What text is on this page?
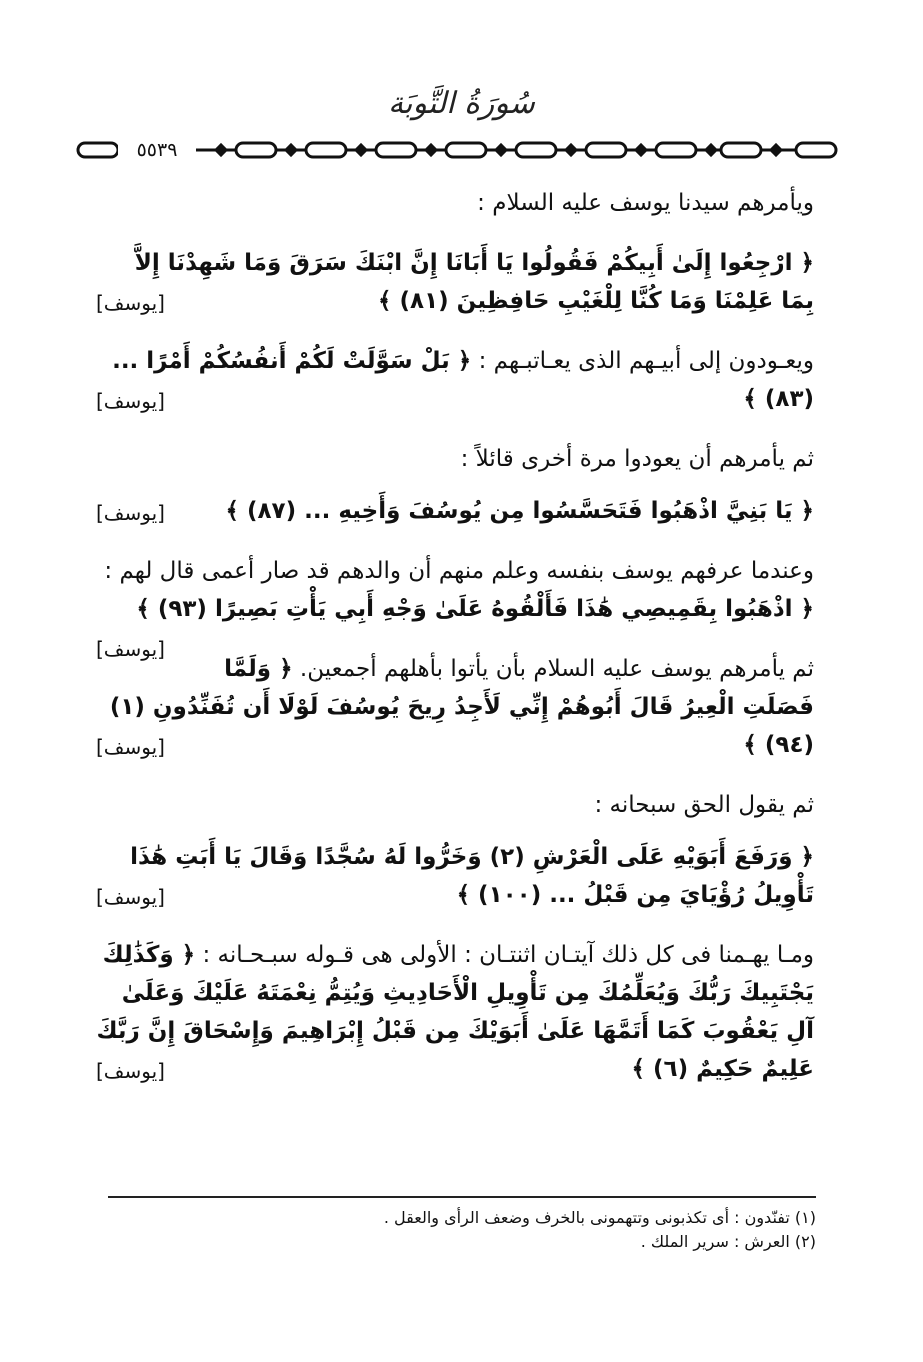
سُورَةُ التَّوبَة
٥٥٣٩

ويأمرهم سيدنا يوسف عليه السلام :

﴿ ارْجِعُوا إِلَىٰ أَبِيكُمْ فَقُولُوا يَا أَبَانَا إِنَّ ابْنَكَ سَرَقَ وَمَا شَهِدْنَا إِلاَّ بِمَا عَلِمْنَا وَمَا كُنَّا لِلْغَيْبِ حَافِظِينَ (٨١) ﴾
[يوسف]

ويعـودون إلى أبيـهم الذى يعـاتبـهم : ﴿ بَلْ سَوَّلَتْ لَكُمْ أَنفُسُكُمْ أَمْرًا ... (٨٣) ﴾
[يوسف]

ثم يأمرهم أن يعودوا مرة أخرى قائلاً :

﴿ يَا بَنِيَّ اذْهَبُوا فَتَحَسَّسُوا مِن يُوسُفَ وَأَخِيهِ ... (٨٧) ﴾
[يوسف]

وعندما عرفهم يوسف بنفسه وعلم منهم أن والدهم قد صار أعمى قال لهم : ﴿ اذْهَبُوا بِقَمِيصِي هَٰذَا فَأَلْقُوهُ عَلَىٰ وَجْهِ أَبِي يَأْتِ بَصِيرًا (٩٣) ﴾
[يوسف]

ثم يأمرهم يوسف عليه السلام بأن يأتوا بأهلهم أجمعين. ﴿ وَلَمَّا فَصَلَتِ الْعِيرُ قَالَ أَبُوهُمْ إِنِّي لَأَجِدُ رِيحَ يُوسُفَ لَوْلَا أَن تُفَنِّدُونِ (١) (٩٤) ﴾
[يوسف]

ثم يقول الحق سبحانه :

﴿ وَرَفَعَ أَبَوَيْهِ عَلَى الْعَرْشِ (٢) وَخَرُّوا لَهُ سُجَّدًا وَقَالَ يَا أَبَتِ هَٰذَا تَأْوِيلُ رُؤْيَايَ مِن قَبْلُ ... (١٠٠) ﴾
[يوسف]

ومـا يهـمنا فى كل ذلك آيتـان اثنتـان : الأولى هى قـوله سبـحـانه : ﴿ وَكَذَٰلِكَ يَجْتَبِيكَ رَبُّكَ وَيُعَلِّمُكَ مِن تَأْوِيلِ الْأَحَادِيثِ وَيُتِمُّ نِعْمَتَهُ عَلَيْكَ وَعَلَىٰ آلِ يَعْقُوبَ كَمَا أَتَمَّهَا عَلَىٰ أَبَوَيْكَ مِن قَبْلُ إِبْرَاهِيمَ وَإِسْحَاقَ إِنَّ رَبَّكَ عَلِيمٌ حَكِيمٌ (٦) ﴾
[يوسف]

(١) تفنّدون : أى تكذبونى وتتهمونى بالخرف وضعف الرأى والعقل .
(٢) العرش : سرير الملك .
